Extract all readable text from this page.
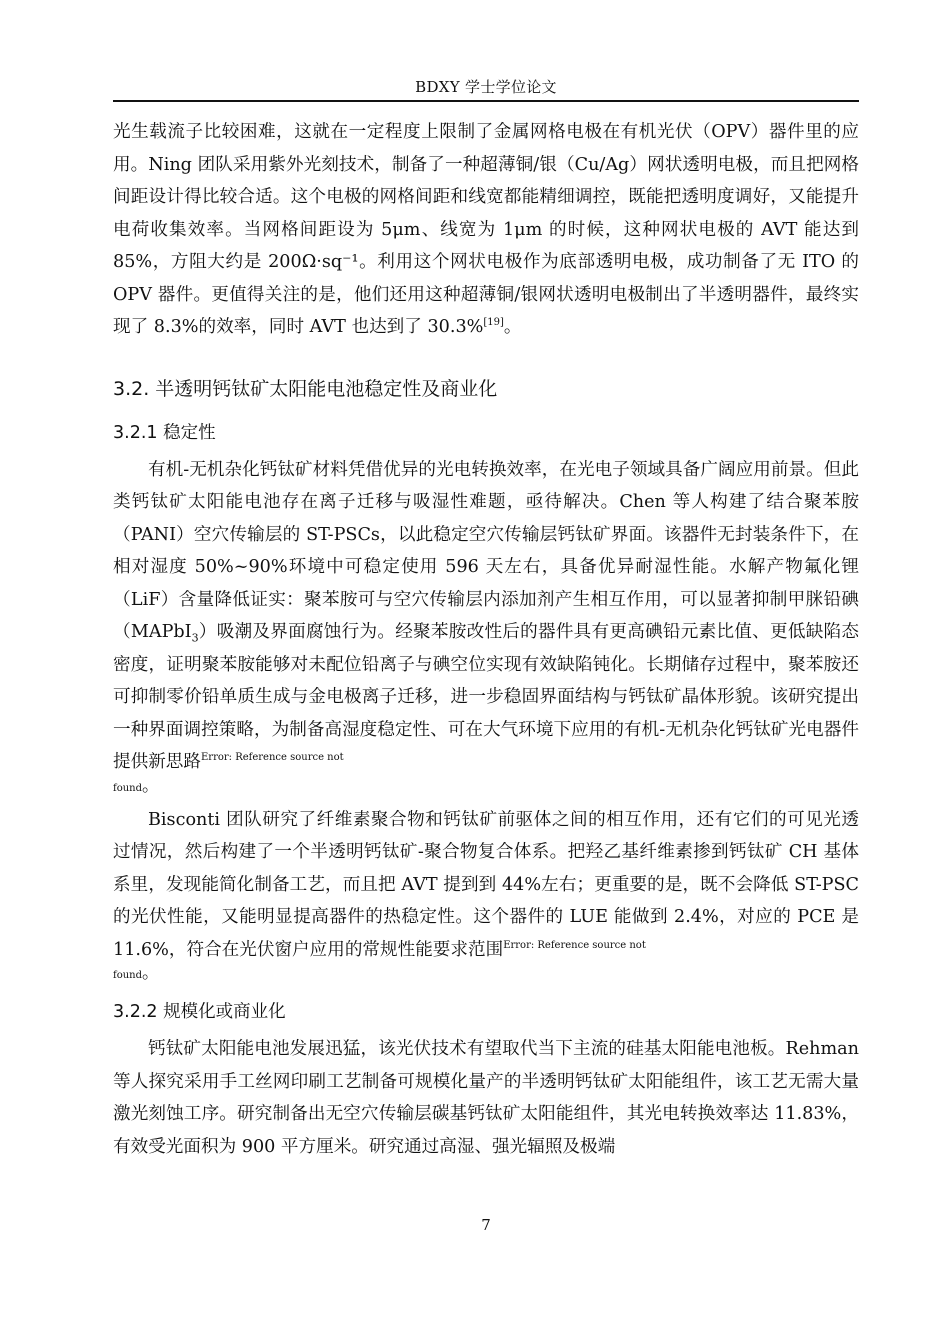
BDXY 学士学位论文

光生载流子比较困难，这就在一定程度上限制了金属网格电极在有机光伏（OPV）器件里的应用。Ning 团队采用紫外光刻技术，制备了一种超薄铜/银（Cu/Ag）网状透明电极，而且把网格间距设计得比较合适。这个电极的网格间距和线宽都能精细调控，既能把透明度调好，又能提升电荷收集效率。当网格间距设为 5μm、线宽为 1μm 的时候，这种网状电极的 AVT 能达到 85%，方阻大约是 200Ω·sq⁻¹。利用这个网状电极作为底部透明电极，成功制备了无 ITO 的 OPV 器件。更值得关注的是，他们还用这种超薄铜/银网状透明电极制出了半透明器件，最终实现了 8.3%的效率，同时 AVT 也达到了 30.3%[19]。

3.2. 半透明钙钛矿太阳能电池稳定性及商业化
3.2.1 稳定性

有机-无机杂化钙钛矿材料凭借优异的光电转换效率，在光电子领域具备广阔应用前景。但此类钙钛矿太阳能电池存在离子迁移与吸湿性难题，亟待解决。Chen 等人构建了结合聚苯胺（PANI）空穴传输层的 ST-PSCs，以此稳定空穴传输层钙钛矿界面。该器件无封装条件下，在相对湿度 50%~90%环境中可稳定使用 596 天左右，具备优异耐湿性能。水解产物氟化锂（LiF）含量降低证实：聚苯胺可与空穴传输层内添加剂产生相互作用，可以显著抑制甲脒铅碘（MAPbI$_3$）吸潮及界面腐蚀行为。经聚苯胺改性后的器件具有更高碘铅元素比值、更低缺陷态密度，证明聚苯胺能够对未配位铅离子与碘空位实现有效缺陷钝化。长期储存过程中，聚苯胺还可抑制零价铅单质生成与金电极离子迁移，进一步稳固界面结构与钙钛矿晶体形貌。该研究提出一种界面调控策略，为制备高湿度稳定性、可在大气环境下应用的有机-无机杂化钙钛矿光电器件提供新思路$^{Error: Reference source not}$

found。

Bisconti 团队研究了纤维素聚合物和钙钛矿前驱体之间的相互作用，还有它们的可见光透过情况，然后构建了一个半透明钙钛矿-聚合物复合体系。把羟乙基纤维素掺到钙钛矿 CH 基体系里，发现能简化制备工艺，而且把 AVT 提到到 44%左右；更重要的是，既不会降低 ST-PSC 的光伏性能，又能明显提高器件的热稳定性。这个器件的 LUE 能做到 2.4%，对应的 PCE 是 11.6%，符合在光伏窗户应用的常规性能要求范围$^{Error: Reference source not}$

found。
3.2.2 规模化或商业化

钙钛矿太阳能电池发展迅猛，该光伏技术有望取代当下主流的硅基太阳能电池板。Rehman 等人探究采用手工丝网印刷工艺制备可规模化量产的半透明钙钛矿太阳能组件，该工艺无需大量激光刻蚀工序。研究制备出无空穴传输层碳基钙钛矿太阳能组件，其光电转换效率达 11.83%，有效受光面积为 900 平方厘米。研究通过高湿、强光辐照及极端

7
